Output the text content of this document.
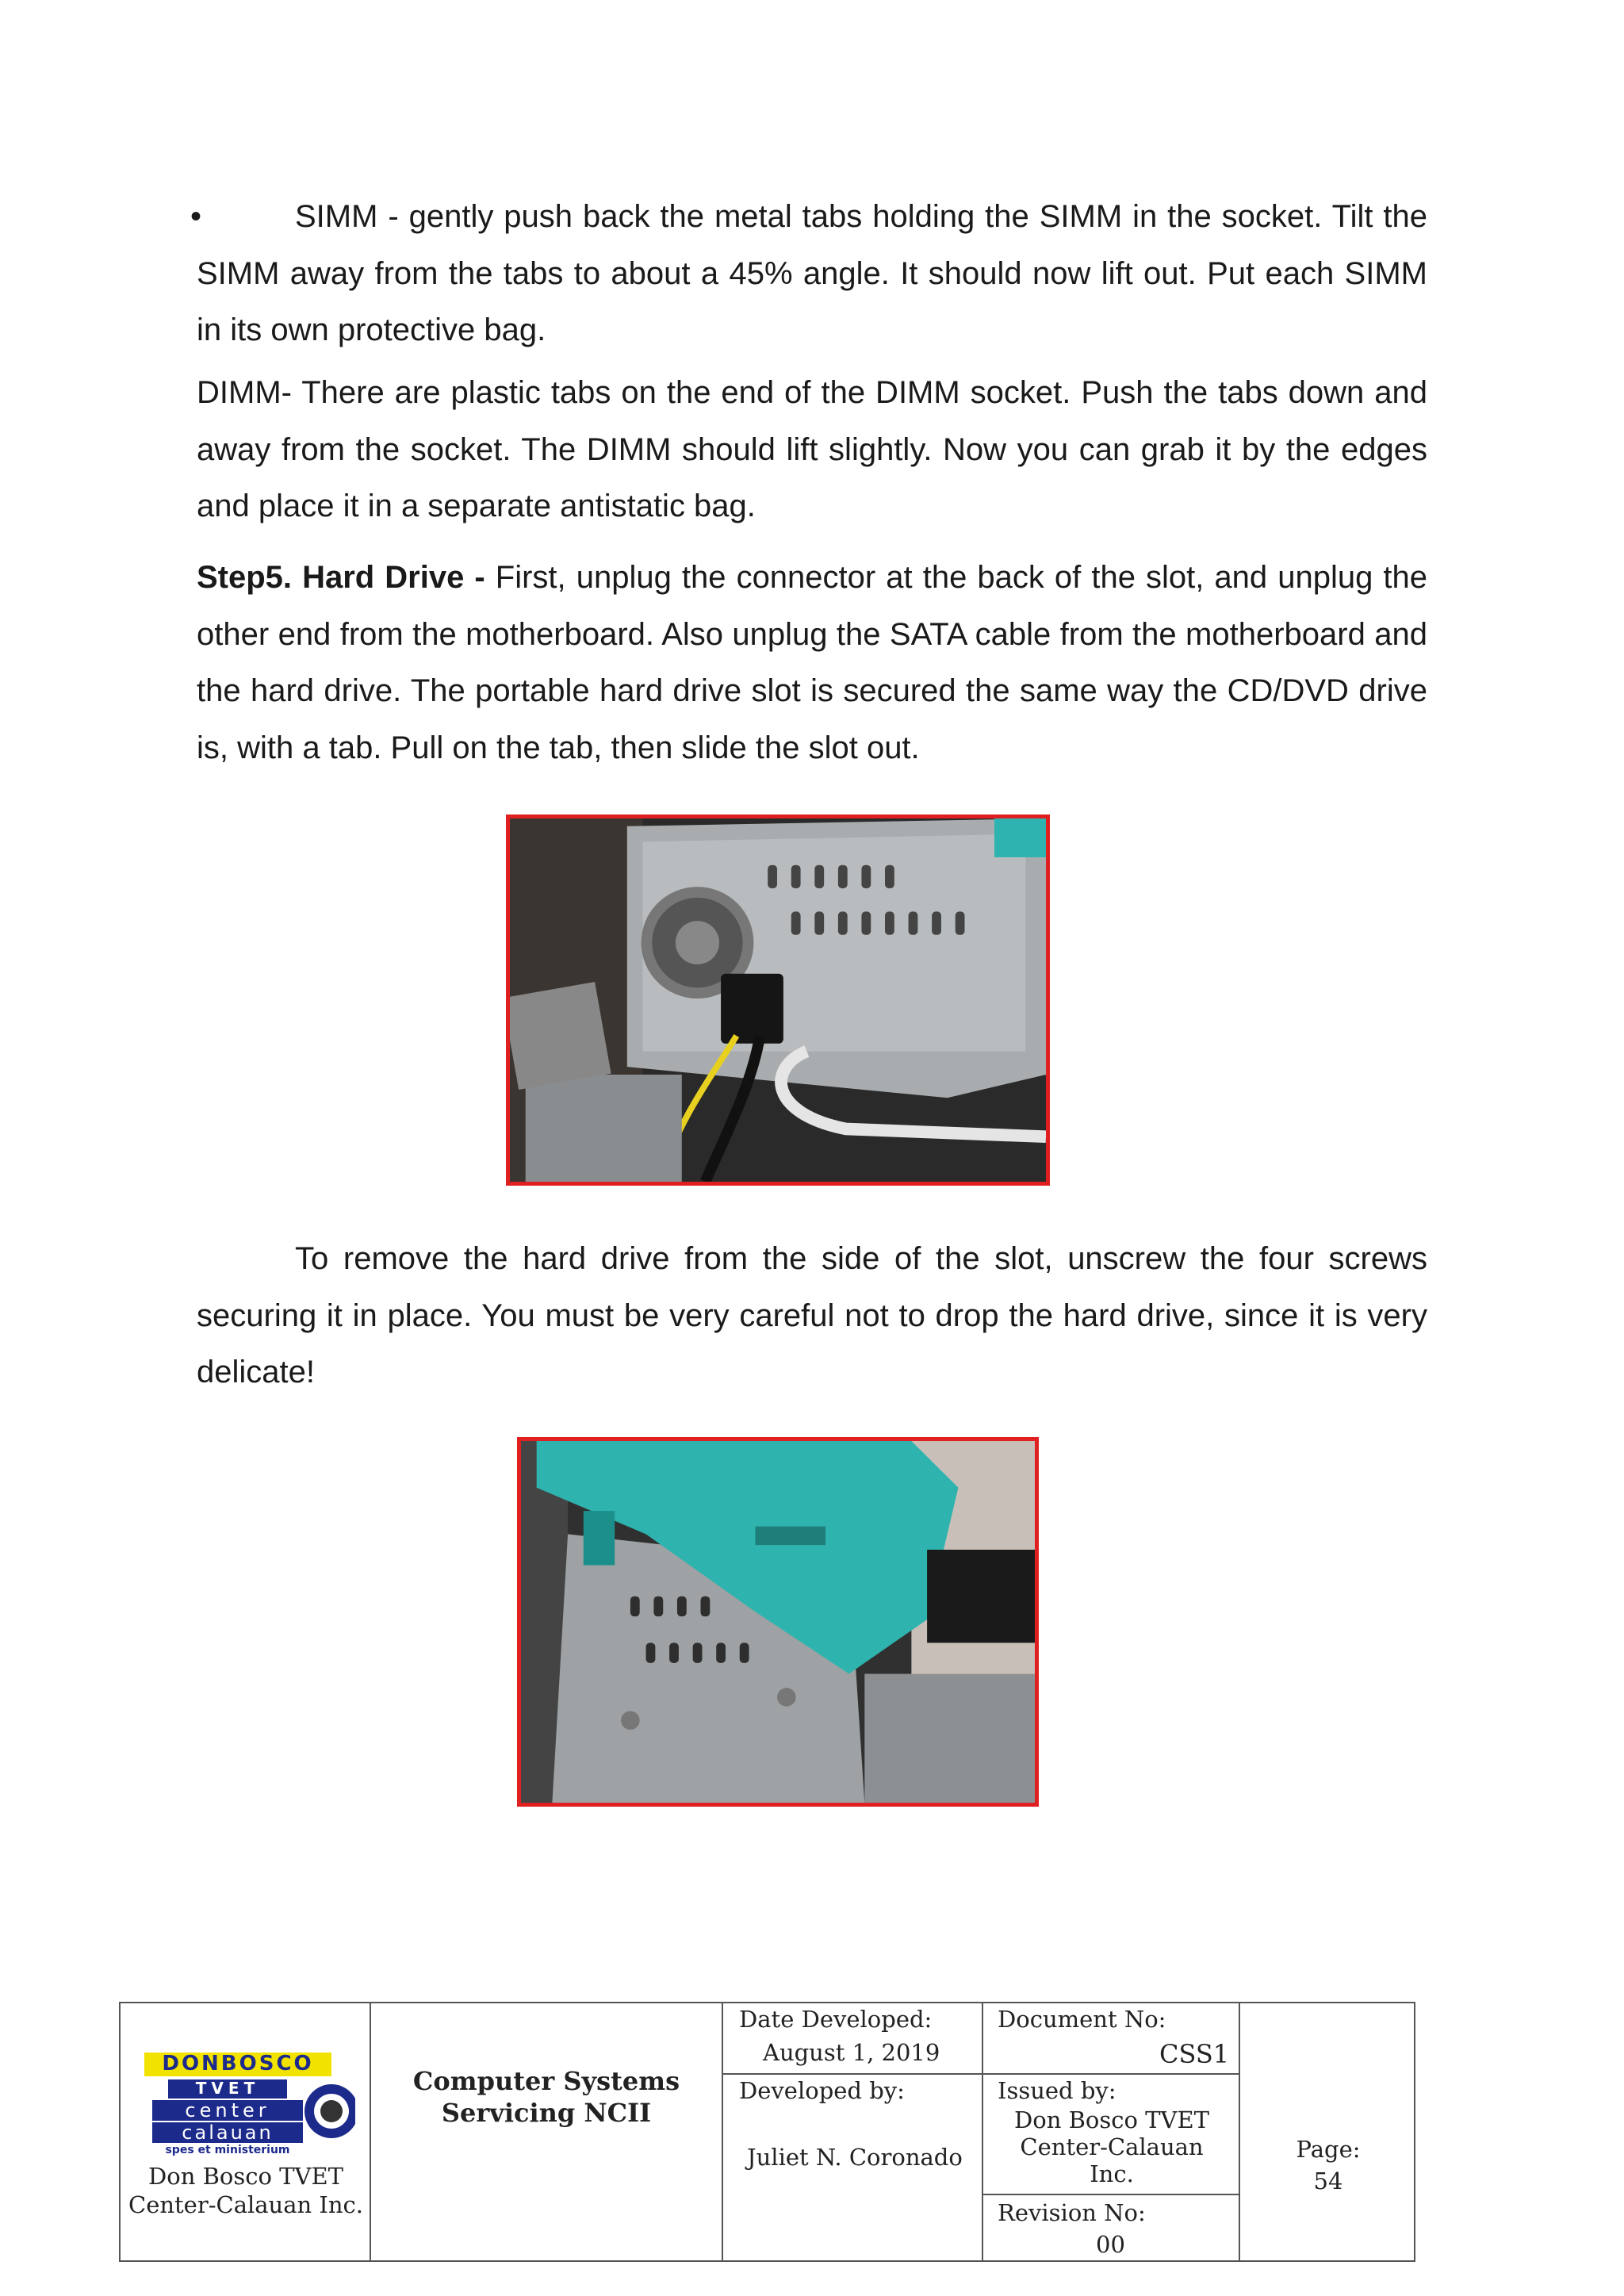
•	SIMM - gently push back the metal tabs holding the SIMM in the socket. Tilt the SIMM away from the tabs to about a 45% angle. It should now lift out. Put each SIMM in its own protective bag.

DIMM- There are plastic tabs on the end of the DIMM socket. Push the tabs down and away from the socket. The DIMM should lift slightly. Now you can grab it by the edges and place it in a separate antistatic bag.

Step5. Hard Drive - First, unplug the connector at the back of the slot, and unplug the other end from the motherboard. Also unplug the SATA cable from the motherboard and the hard drive. The portable hard drive slot is secured the same way the CD/DVD drive is, with a tab. Pull on the tab, then slide the slot out.

To remove the hard drive from the side of the slot, unscrew the four screws securing it in place. You must be very careful not to drop the hard drive, since it is very delicate!

DONBOSCO
TVET
center
calauan
spes et ministerium
Don Bosco TVET Center-Calauan Inc.
Computer Systems Servicing NCII
Date Developed:
August 1, 2019
Developed by:
Juliet N. Coronado
Document No:
CSS1
Issued by:
Don Bosco TVET Center-Calauan Inc.
Revision No:
00
Page:
54
